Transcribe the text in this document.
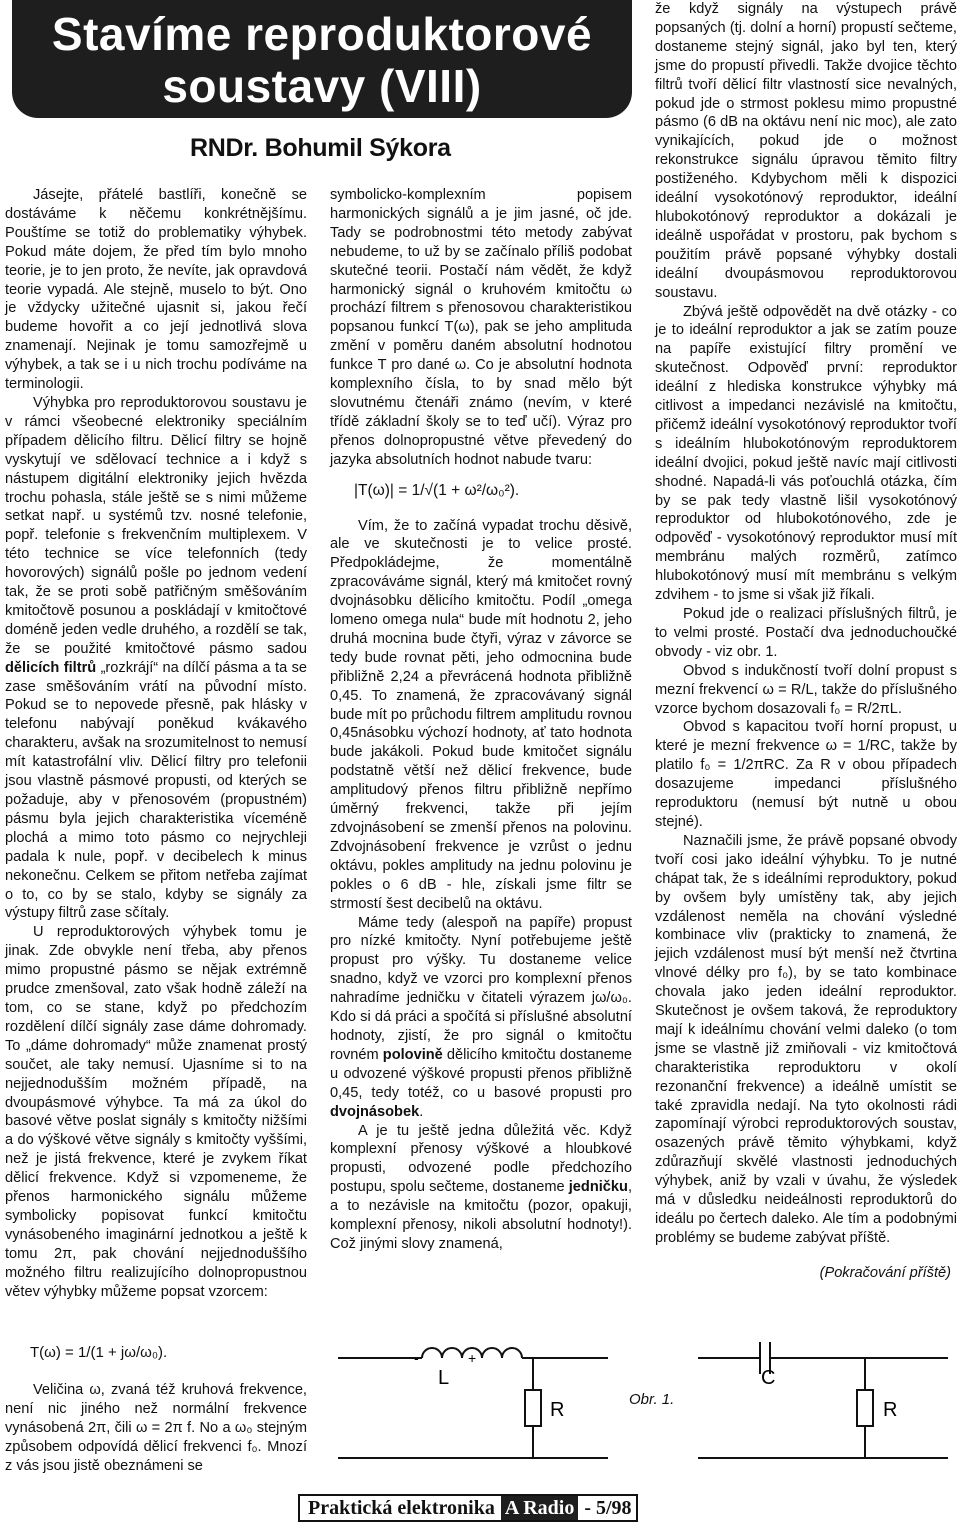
Stavíme reproduktorové
soustavy (VIII)
RNDr. Bohumil Sýkora

Jásejte, přátelé bastlíři, konečně se dostáváme k něčemu konkrétnějšímu. Pouštíme se totiž do problematiky výhybek. Pokud máte dojem, že před tím bylo mnoho teorie, je to jen proto, že nevíte, jak opravdová teorie vypadá. Ale stejně, muselo to být. Ono je vždycky užitečné ujasnit si, jakou řečí budeme hovořit a co její jednotlivá slova znamenají. Nejinak je tomu samozřejmě u výhybek, a tak se i u nich trochu podíváme na terminologii.

Výhybka pro reproduktorovou soustavu je v rámci všeobecné elektroniky speciálním případem dělicího filtru. Dělicí filtry se hojně vyskytují ve sdělovací technice a i když s nástupem digitální elektroniky jejich hvězda trochu pohasla, stále ještě se s nimi můžeme setkat např. u systémů tzv. nosné telefonie, popř. telefonie s frekvenčním multiplexem. V této technice se více telefonních (tedy hovorových) signálů pošle po jednom vedení tak, že se proti sobě patřičným směšováním kmitočtově posunou a poskládají v kmitočtové doméně jeden vedle druhého, a rozdělí se tak, že se použité kmitočtové pásmo sadou dělicích filtrů „rozkrájí“ na dílčí pásma a ta se zase směšováním vrátí na původní místo. Pokud se to nepovede přesně, pak hlásky v telefonu nabývají poněkud kvákavého charakteru, avšak na srozumitelnost to nemusí mít katastrofální vliv. Dělicí filtry pro telefonii jsou vlastně pásmové propusti, od kterých se požaduje, aby v přenosovém (propustném) pásmu byla jejich charakteristika víceméně plochá a mimo toto pásmo co nejrychleji padala k nule, popř. v decibelech k minus nekonečnu. Celkem se přitom netřeba zajímat o to, co by se stalo, kdyby se signály za výstupy filtrů zase sčítaly.

U reproduktorových výhybek tomu je jinak. Zde obvykle není třeba, aby přenos mimo propustné pásmo se nějak extrémně prudce zmenšoval, zato však hodně záleží na tom, co se stane, když po předchozím rozdělení dílčí signály zase dáme dohromady. To „dáme dohromady“ může znamenat prostý součet, ale taky nemusí. Ujasníme si to na nejjednodušším možném případě, na dvoupásmové výhybce. Ta má za úkol do basové větve poslat signály s kmitočty nižšími a do výškové větve signály s kmitočty vyššími, než je jistá frekvence, které je zvykem říkat dělicí frekvence. Když si vzpomeneme, že přenos harmonického signálu můžeme symbolicky popisovat funkcí kmitočtu vynásobeného imaginární jednotkou a ještě k tomu 2π, pak chování nejjednoduššího možného filtru realizujícího dolnopropustnou větev výhybky můžeme popsat vzorcem:

T(ω) = 1/(1 + jω/ω₀).

Veličina ω, zvaná též kruhová frekvence, není nic jiného než normální frekvence vynásobená 2π, čili ω = 2π f. No a ω₀ stejným způsobem odpovídá dělicí frekvenci f₀. Mnozí z vás jsou jistě obeznámeni se

symbolicko-komplexním popisem harmonických signálů a je jim jasné, oč jde. Tady se podrobnostmi této metody zabývat nebudeme, to už by se začínalo příliš podobat skutečné teorii. Postačí nám vědět, že když harmonický signál o kruhovém kmitočtu ω prochází filtrem s přenosovou charakteristikou popsanou funkcí T(ω), pak se jeho amplituda změní v poměru daném absolutní hodnotou funkce T pro dané ω. Co je absolutní hodnota komplexního čísla, to by snad mělo být slovutnému čtenáři známo (nevím, v které třídě základní školy se to teď učí). Výraz pro přenos dolnopropustné větve převedený do jazyka absolutních hodnot nabude tvaru:

|T(ω)| = 1/√(1 + ω²/ω₀²).

Vím, že to začíná vypadat trochu děsivě, ale ve skutečnosti je to velice prosté. Předpokládejme, že momentálně zpracováváme signál, který má kmitočet rovný dvojnásobku dělicího kmitočtu. Podíl „omega lomeno omega nula“ bude mít hodnotu 2, jeho druhá mocnina bude čtyři, výraz v závorce se tedy bude rovnat pěti, jeho odmocnina bude přibližně 2,24 a převrácená hodnota přibližně 0,45. To znamená, že zpracovávaný signál bude mít po průchodu filtrem amplitudu rovnou 0,45násobku výchozí hodnoty, ať tato hodnota bude jakákoli. Pokud bude kmitočet signálu podstatně větší než dělicí frekvence, bude amplitudový přenos filtru přibližně nepřímo úměrný frekvenci, takže při jejím zdvojnásobení se zmenší přenos na polovinu. Zdvojnásobení frekvence je vzrůst o jednu oktávu, pokles amplitudy na jednu polovinu je pokles o 6 dB - hle, získali jsme filtr se strmostí šest decibelů na oktávu.

Máme tedy (alespoň na papíře) propust pro nízké kmitočty. Nyní potřebujeme ještě propust pro výšky. Tu dostaneme velice snadno, když ve vzorci pro komplexní přenos nahradíme jedničku v čitateli výrazem jω/ω₀. Kdo si dá práci a spočítá si příslušné absolutní hodnoty, zjistí, že pro signál o kmitočtu rovném polovině dělicího kmitočtu dostaneme u odvozené výškové propusti přenos přibližně 0,45, tedy totéž, co u basové propusti pro dvojnásobek.

A je tu ještě jedna důležitá věc. Když komplexní přenosy výškové a hloubkové propusti, odvozené podle předchozího postupu, spolu sečteme, dostaneme jedničku, a to nezávisle na kmitočtu (pozor, opakuji, komplexní přenosy, nikoli absolutní hodnoty!). Což jinými slovy znamená,

že když signály na výstupech právě popsaných (tj. dolní a horní) propustí sečteme, dostaneme stejný signál, jako byl ten, který jsme do propustí přivedli. Takže dvojice těchto filtrů tvoří dělicí filtr vlastností sice nevalných, pokud jde o strmost poklesu mimo propustné pásmo (6 dB na oktávu není nic moc), ale zato vynikajících, pokud jde o možnost rekonstrukce signálu úpravou těmito filtry postiženého. Kdybychom měli k dispozici ideální vysokotónový reproduktor, ideální hlubokotónový reproduktor a dokázali je ideálně uspořádat v prostoru, pak bychom s použitím právě popsané výhybky dostali ideální dvoupásmovou reproduktorovou soustavu.

Zbývá ještě odpovědět na dvě otázky - co je to ideální reproduktor a jak se zatím pouze na papíře existující filtry promění ve skutečnost. Odpověď první: reproduktor ideální z hlediska konstrukce výhybky má citlivost a impedanci nezávislé na kmitočtu, přičemž ideální vysokotónový reproduktor tvoří s ideálním hlubokotónovým reproduktorem ideální dvojici, pokud ještě navíc mají citlivosti shodné. Napadá-li vás poťouchlá otázka, čím by se pak tedy vlastně lišil vysokotónový reproduktor od hlubokotónového, zde je odpověď - vysokotónový reproduktor musí mít membránu malých rozměrů, zatímco hlubokotónový musí mít membránu s velkým zdvihem - to jsme si však již říkali.

Pokud jde o realizaci příslušných filtrů, je to velmi prosté. Postačí dva jednoduchoučké obvody - viz obr. 1.

Obvod s indukčností tvoří dolní propust s mezní frekvencí ω = R/L, takže do příslušného vzorce bychom dosazovali f₀ = R/2πL.

Obvod s kapacitou tvoří horní propust, u které je mezní frekvence ω = 1/RC, takže by platilo f₀ = 1/2πRC. Za R v obou případech dosazujeme impedanci příslušného reproduktoru (nemusí být nutně u obou stejné).

Naznačili jsme, že právě popsané obvody tvoří cosi jako ideální výhybku. To je nutné chápat tak, že s ideálními reproduktory, pokud by ovšem byly umístěny tak, aby jejich vzdálenost neměla na chování výsledné kombinace vliv (prakticky to znamená, že jejich vzdálenost musí být menší než čtvrtina vlnové délky pro f₀), by se tato kombinace chovala jako jeden ideální reproduktor. Skutečnost je ovšem taková, že reproduktory mají k ideálnímu chování velmi daleko (o tom jsme se vlastně již zmiňovali - viz kmitočtová charakteristika reproduktoru v okolí rezonanční frekvence) a ideálně umístit se také zpravidla nedají. Na tyto okolnosti rádi zapomínají výrobci reproduktorových soustav, osazených právě těmito výhybkami, když zdůrazňují skvělé vlastnosti jednoduchých výhybek, aniž by vzali v úvahu, že výsledek má v důsledku neideálnosti reproduktorů do ideálu po čertech daleko. Ale tím a podobnými problémy se budeme zabývat příště.

(Pokračování příště)
-	+
L
R
C
R
Obr. 1.
Praktická elektronika A Radio - 5/98
